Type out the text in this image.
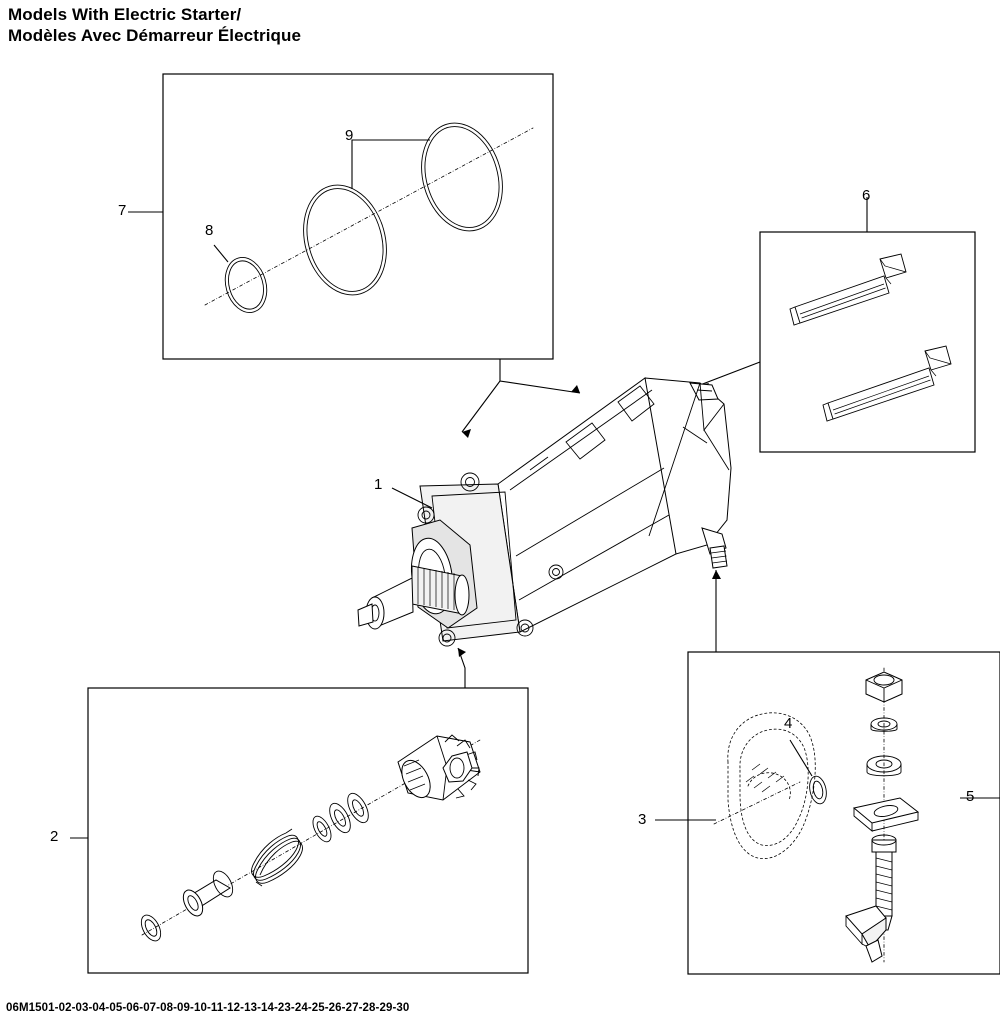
Models With Electric Starter/
Modèles Avec Démarreur Électrique
7
8
9
6
1
2
3
4
5
06M1501-02-03-04-05-06-07-08-09-10-11-12-13-14-23-24-25-26-27-28-29-30
